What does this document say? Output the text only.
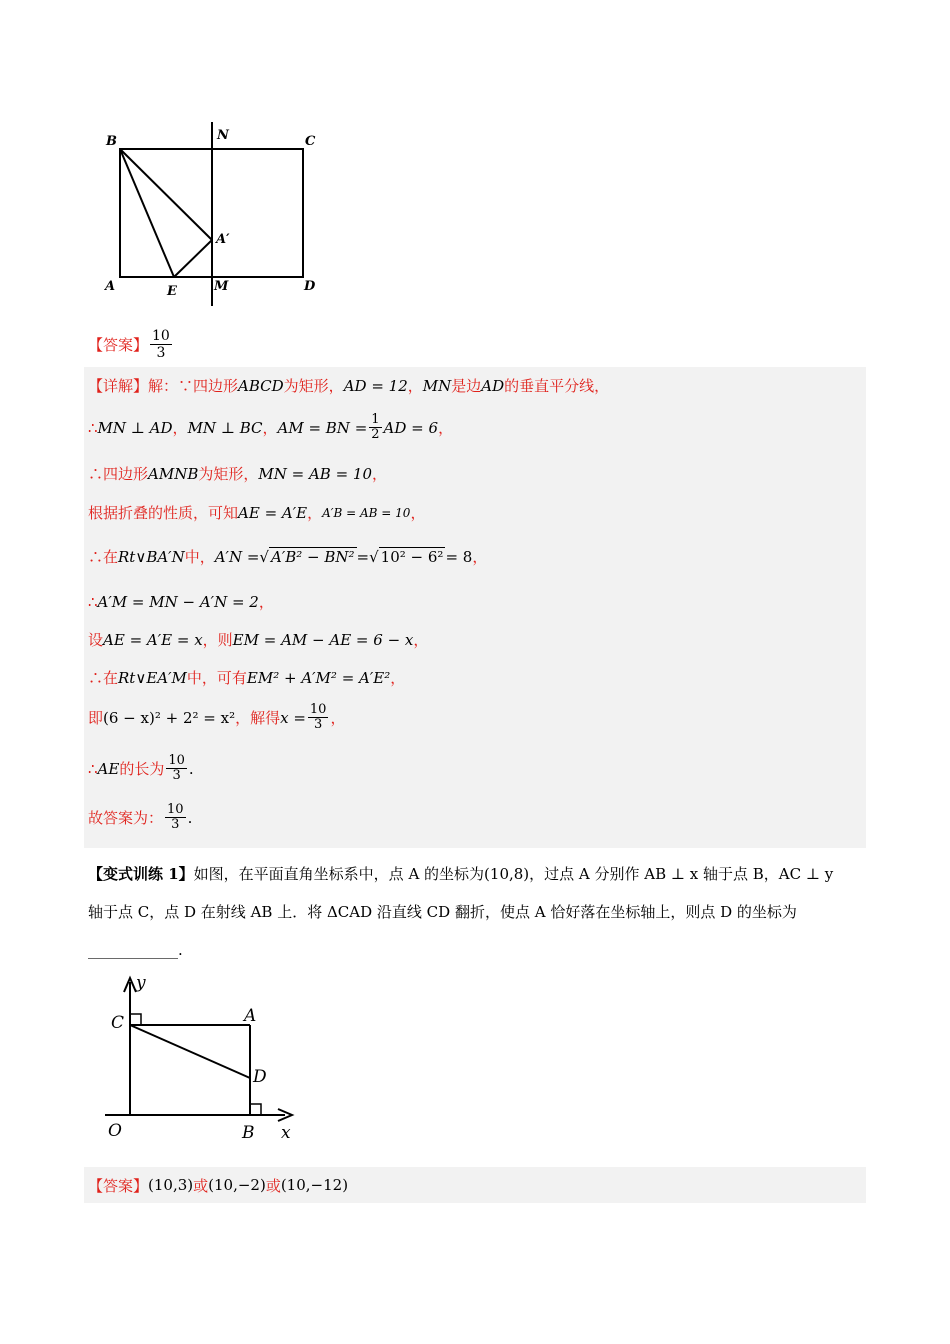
B	N	C
A′
A	E	M	D
【答案】 $\frac{10}{3}$
【详解】 解：∵四边形 ABCD 为矩形， AD = 12 ， MN 是边 AD 的垂直平分线，
∴ MN ⊥ AD ， MN ⊥ BC ， AM = BN = $\frac{1}{2}$ AD = 6 ，
∴四边形 AMNB 为矩形， MN = AB = 10 ，
根据折叠的性质，可知 AE = A′E ， A′B = AB = 10 ，
∴在 Rt∨BA′N 中， A′N = √ A′B² − BN² = √ 10² − 6² = 8 ，
∴ A′M = MN − A′N = 2 ，
设 AE = A′E = x ，则 EM = AM − AE = 6 − x ，
∴在 Rt∨EA′M 中，可有 EM² + A′M² = A′E² ，
即 (6 − x)² + 2² = x² ，解得 $x = \frac{10}{3}$ ，
∴ AE 的长为 $\frac{10}{3}$ .
故答案为： $\frac{10}{3}$ .
【变式训练 1】如图，在平面直角坐标系中，点 A 的坐标为(10,8)，过点 A 分别作 AB ⊥ x 轴于点 B，AC ⊥ y
轴于点 C，点 D 在射线 AB 上．将 ΔCAD 沿直线 CD 翻折，使点 A 恰好落在坐标轴上，则点 D 的坐标为
____________.
y
C	A
D
O	B x
【答案】 (10,3) 或 (10,−2) 或 (10,−12)
